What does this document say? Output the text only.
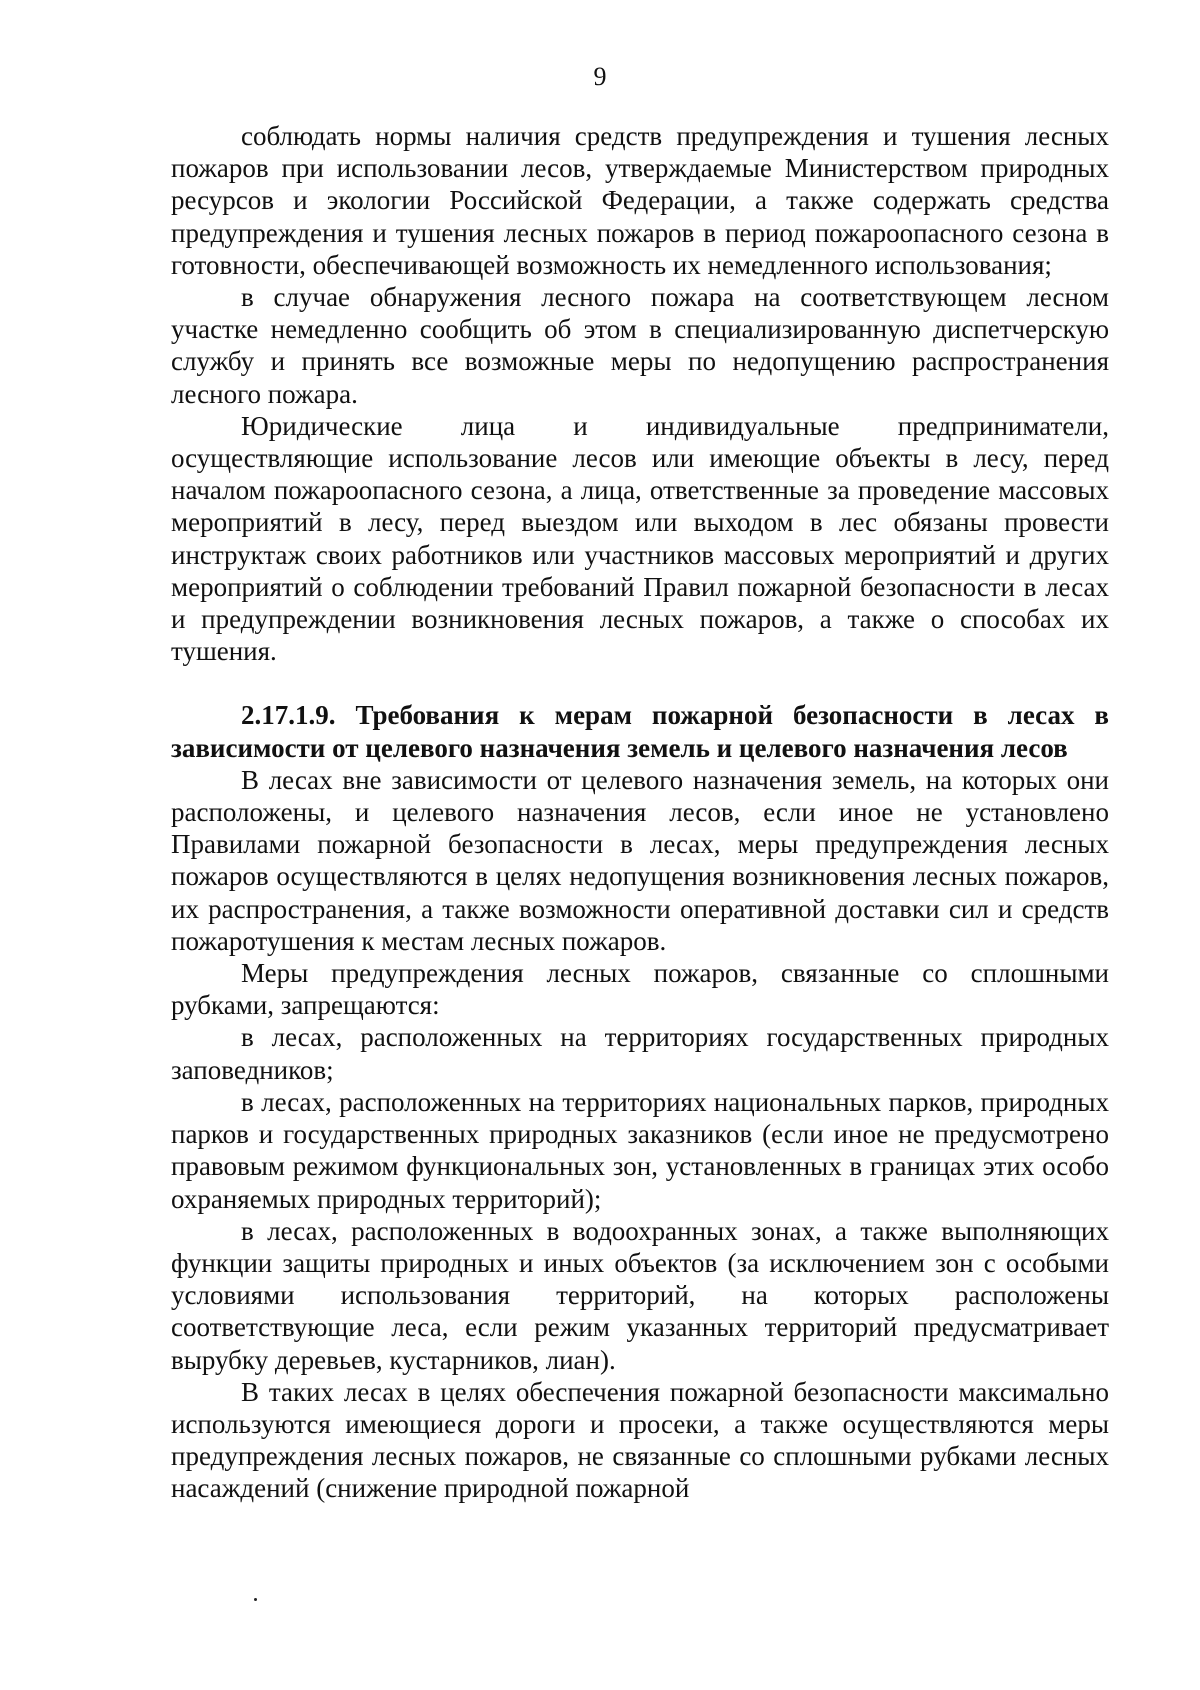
9

соблюдать нормы наличия средств предупреждения и тушения лесных пожаров при использовании лесов, утверждаемые Министерством природных ресурсов и экологии Российской Федерации, а также содержать средства предупреждения и тушения лесных пожаров в период пожароопасного сезона в готовности, обеспечивающей возможность их немедленного использования;

в случае обнаружения лесного пожара на соответствующем лесном участке немедленно сообщить об этом в специализированную диспетчерскую службу и принять все возможные меры по недопущению распространения лесного пожара.

Юридические лица и индивидуальные предприниматели, осуществляющие использование лесов или имеющие объекты в лесу, перед началом пожароопасного сезона, а лица, ответственные за проведение массовых мероприятий в лесу, перед выездом или выходом в лес обязаны провести инструктаж своих работников или участников массовых мероприятий и других мероприятий о соблюдении требований Правил пожарной безопасности в лесах и предупреждении возникновения лесных пожаров, а также о способах их тушения.

2.17.1.9. Требования к мерам пожарной безопасности в лесах в зависимости от целевого назначения земель и целевого назначения лесов

В лесах вне зависимости от целевого назначения земель, на которых они расположены, и целевого назначения лесов, если иное не установлено Правилами пожарной безопасности в лесах, меры предупреждения лесных пожаров осуществляются в целях недопущения возникновения лесных пожаров, их распространения, а также возможности оперативной доставки сил и средств пожаротушения к местам лесных пожаров.

Меры предупреждения лесных пожаров, связанные со сплошными рубками, запрещаются:

в лесах, расположенных на территориях государственных природных заповедников;

в лесах, расположенных на территориях национальных парков, природных парков и государственных природных заказников (если иное не предусмотрено правовым режимом функциональных зон, установленных в границах этих особо охраняемых природных территорий);

в лесах, расположенных в водоохранных зонах, а также выполняющих функции защиты природных и иных объектов (за исключением зон с особыми условиями использования территорий, на которых расположены соответствующие леса, если режим указанных территорий предусматривает вырубку деревьев, кустарников, лиан).

В таких лесах в целях обеспечения пожарной безопасности максимально используются имеющиеся дороги и просеки, а также осуществляются меры предупреждения лесных пожаров, не связанные со сплошными рубками лесных насаждений (снижение природной пожарной
